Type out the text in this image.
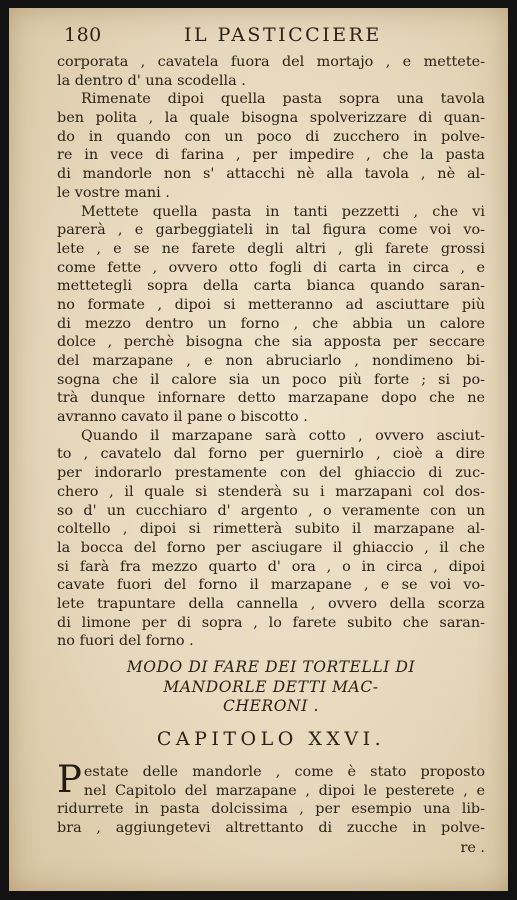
180	IL PASTICCIERE
corporata , cavatela fuora del mortajo , e mettete-
la dentro d' una scodella .
Rimenate dipoi quella pasta sopra una tavola
ben polita , la quale bisogna spolverizzare di quan-
do in quando con un poco di zucchero in polve-
re in vece di farina , per impedire , che la pasta
di mandorle non s' attacchi nè alla tavola , nè al-
le vostre mani .
Mettete quella pasta in tanti pezzetti , che vi
parerà , e garbeggiateli in tal figura come voi vo-
lete , e se ne farete degli altri , gli farete grossi
come fette , ovvero otto fogli di carta in circa , e
mettetegli sopra della carta bianca quando saran-
no formate , dipoi si metteranno ad asciuttare più
di mezzo dentro un forno , che abbia un calore
dolce , perchè bisogna che sia apposta per seccare
del marzapane , e non abruciarlo , nondimeno bi-
sogna che il calore sia un poco più forte ; si po-
trà dunque infornare detto marzapane dopo che ne
avranno cavato il pane o biscotto .
Quando il marzapane sarà cotto , ovvero asciut-
to , cavatelo dal forno per guernirlo , cioè a dire
per indorarlo prestamente con del ghiaccio di zuc-
chero , il quale si stenderà su i marzapani col dos-
so d' un cucchiaro d' argento , o veramente con un
coltello , dipoi si rimetterà subito il marzapane al-
la bocca del forno per asciugare il ghiaccio , il che
si farà fra mezzo quarto d' ora , o in circa , dipoi
cavate fuori del forno il marzapane , e se voi vo-
lete trapuntare della cannella , ovvero della scorza
di limone per di sopra , lo farete subito che saran-
no fuori del forno .
MODO DI FARE DEI TORTELLI DI
MANDORLE DETTI MAC-
CHERONI .
CAPITOLO XXVI.
P estate delle mandorle , come è stato proposto
nel Capitolo del marzapane , dipoi le pesterete , e
ridurrete in pasta dolcissima , per esempio una lib-
bra , aggiungetevi altrettanto di zucche in polve-
re .
